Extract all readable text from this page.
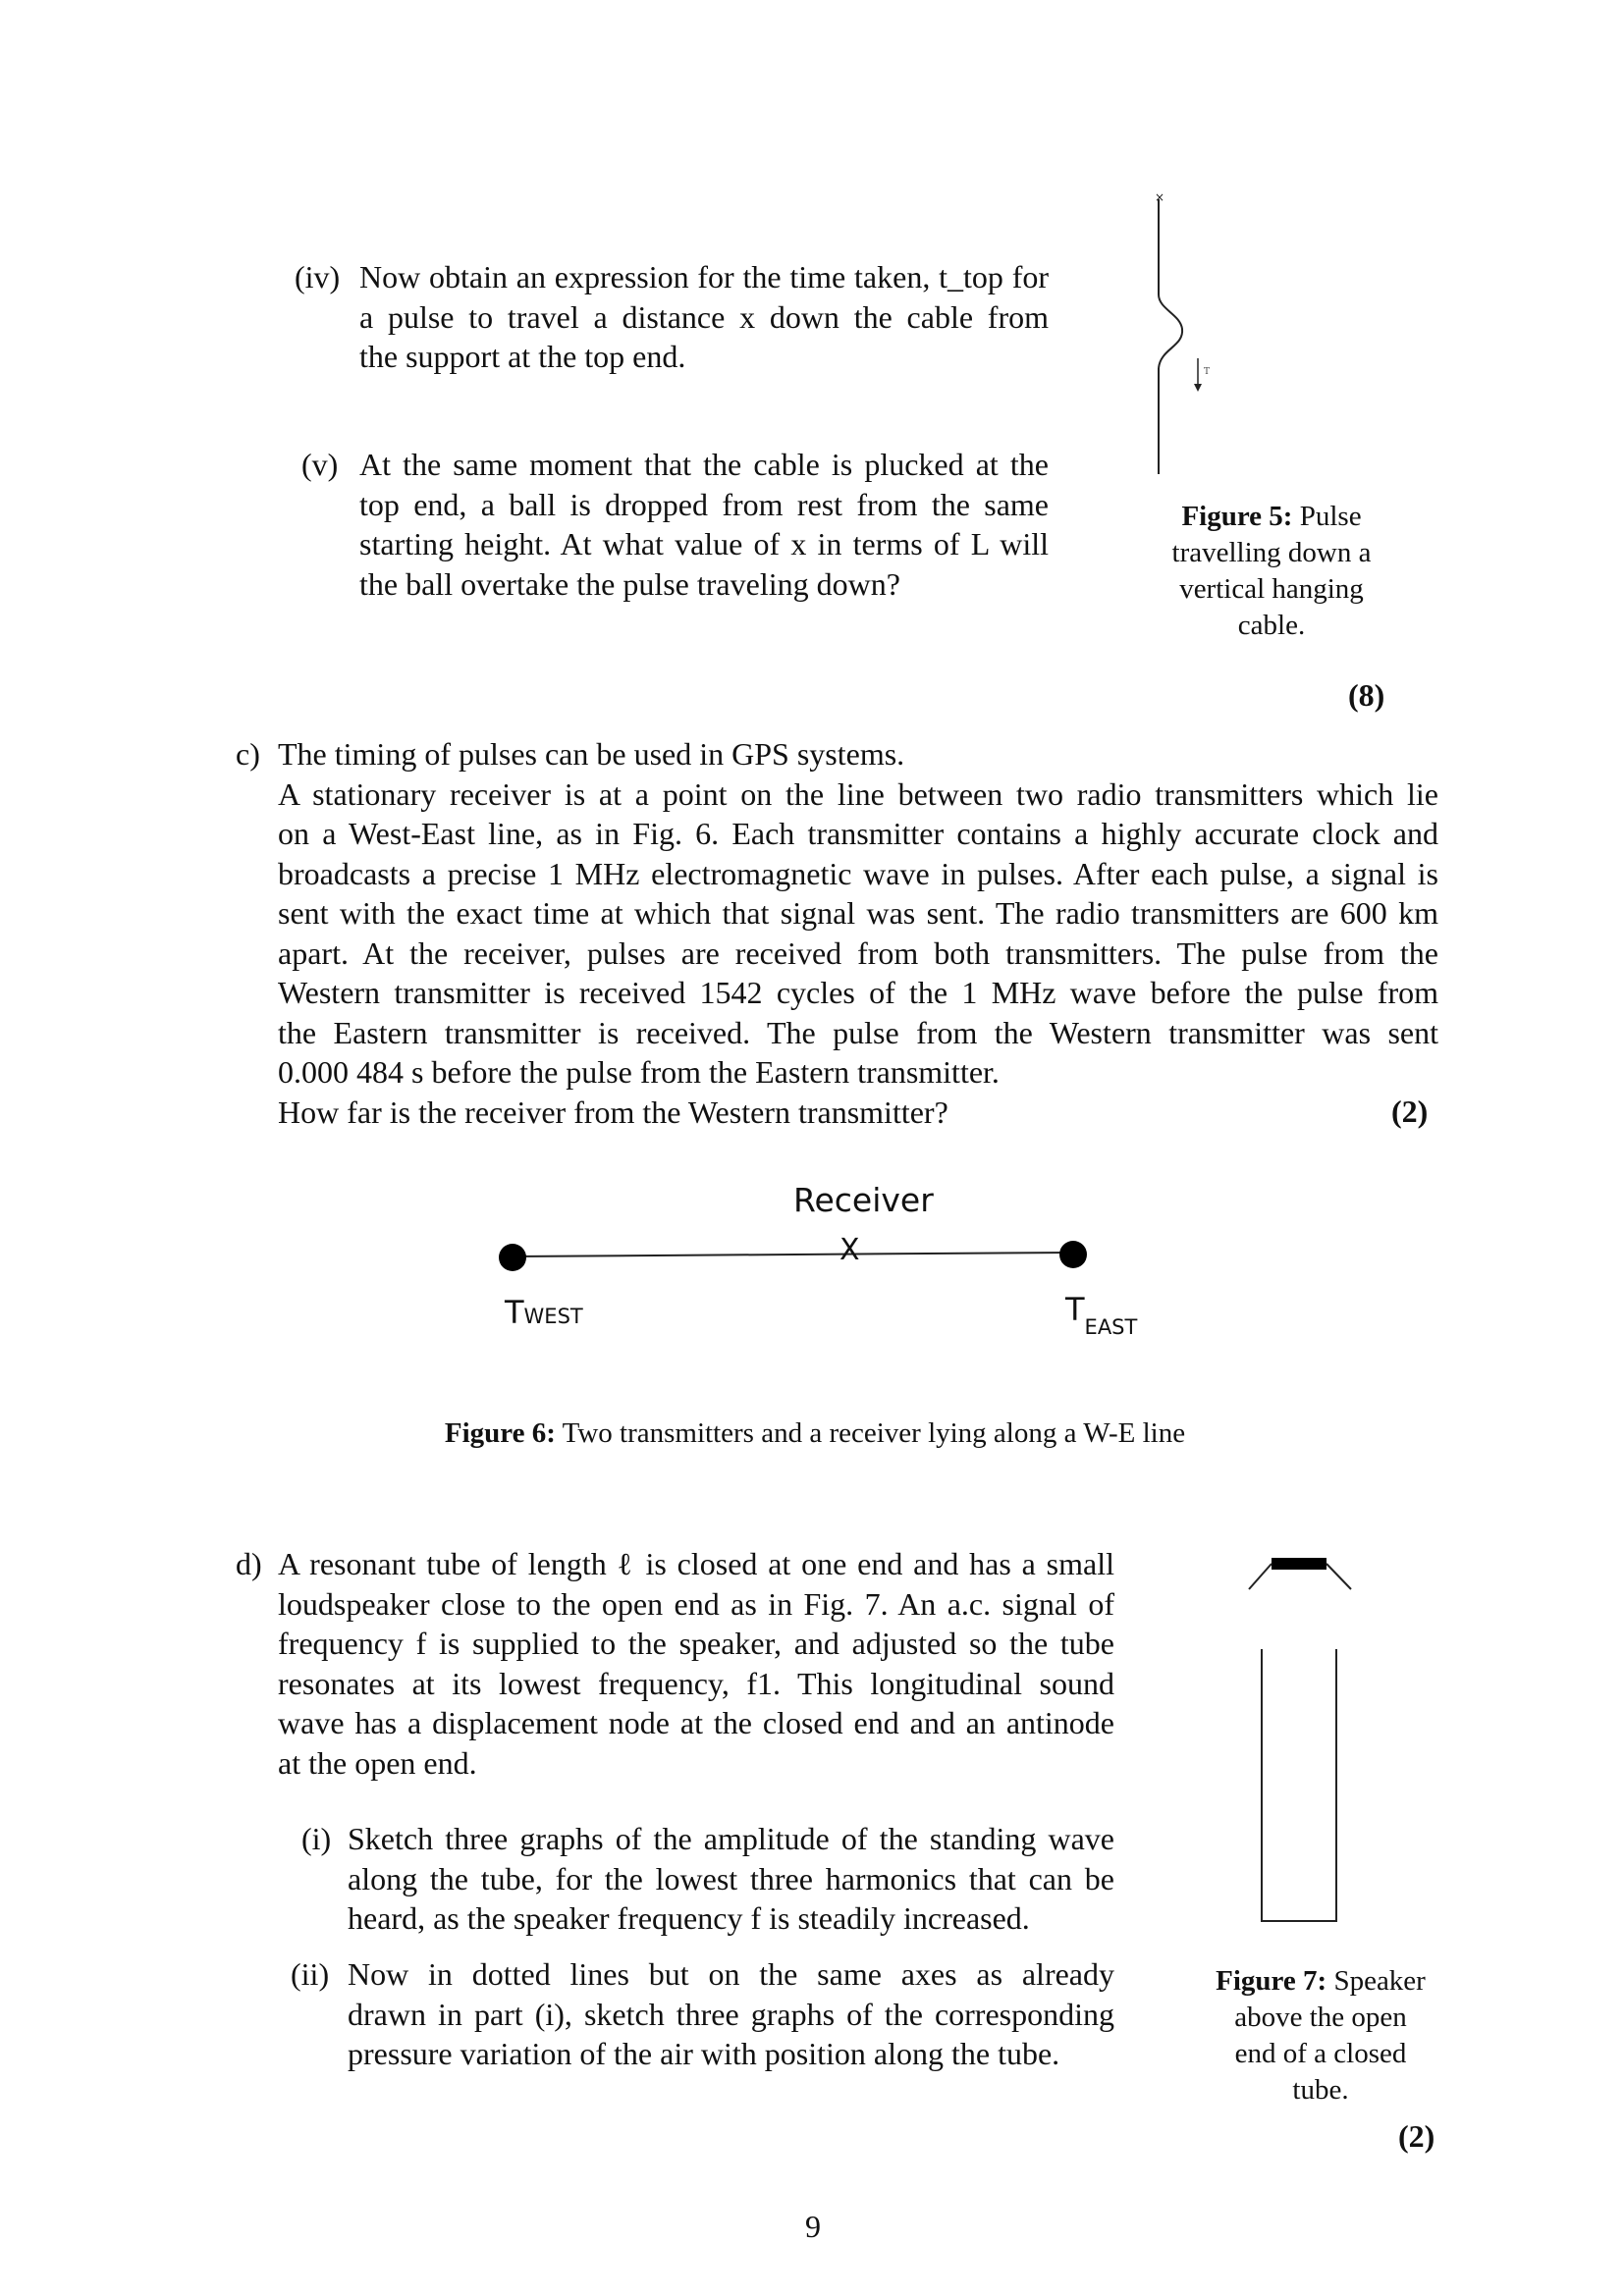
(iv) Now obtain an expression for the time taken, t_top for
a pulse to travel a distance x down the cable from
the support at the top end.
(v) At the same moment that the cable is plucked at the
top end, a ball is dropped from rest from the same
starting height. At what value of x in terms of L will
the ball overtake the pulse traveling down?
×
T
Figure 5: Pulse
travelling down a
vertical hanging
cable.
(8)
c) The timing of pulses can be used in GPS systems.
A stationary receiver is at a point on the line between two radio transmitters which lie
on a West-East line, as in Fig. 6. Each transmitter contains a highly accurate clock and
broadcasts a precise 1 MHz electromagnetic wave in pulses. After each pulse, a signal is
sent with the exact time at which that signal was sent. The radio transmitters are 600 km
apart. At the receiver, pulses are received from both transmitters. The pulse from the
Western transmitter is received 1542 cycles of the 1 MHz wave before the pulse from
the Eastern transmitter is received. The pulse from the Western transmitter was sent
0.000 484 s before the pulse from the Eastern transmitter.
How far is the receiver from the Western transmitter?	(2)
Receiver
X
TWEST	$T_{EAST}$
Figure 6: Two transmitters and a receiver lying along a W-E line
d) A resonant tube of length ℓ is closed at one end and has a small
loudspeaker close to the open end as in Fig. 7. An a.c. signal of
frequency f is supplied to the speaker, and adjusted so the tube
resonates at its lowest frequency, f1. This longitudinal sound
wave has a displacement node at the closed end and an antinode
at the open end.
(i) Sketch three graphs of the amplitude of the standing wave
along the tube, for the lowest three harmonics that can be
heard, as the speaker frequency f is steadily increased.
(ii) Now in dotted lines but on the same axes as already
drawn in part (i), sketch three graphs of the corresponding
pressure variation of the air with position along the tube.
Figure 7: Speaker
above the open
end of a closed
tube.
(2)
9
